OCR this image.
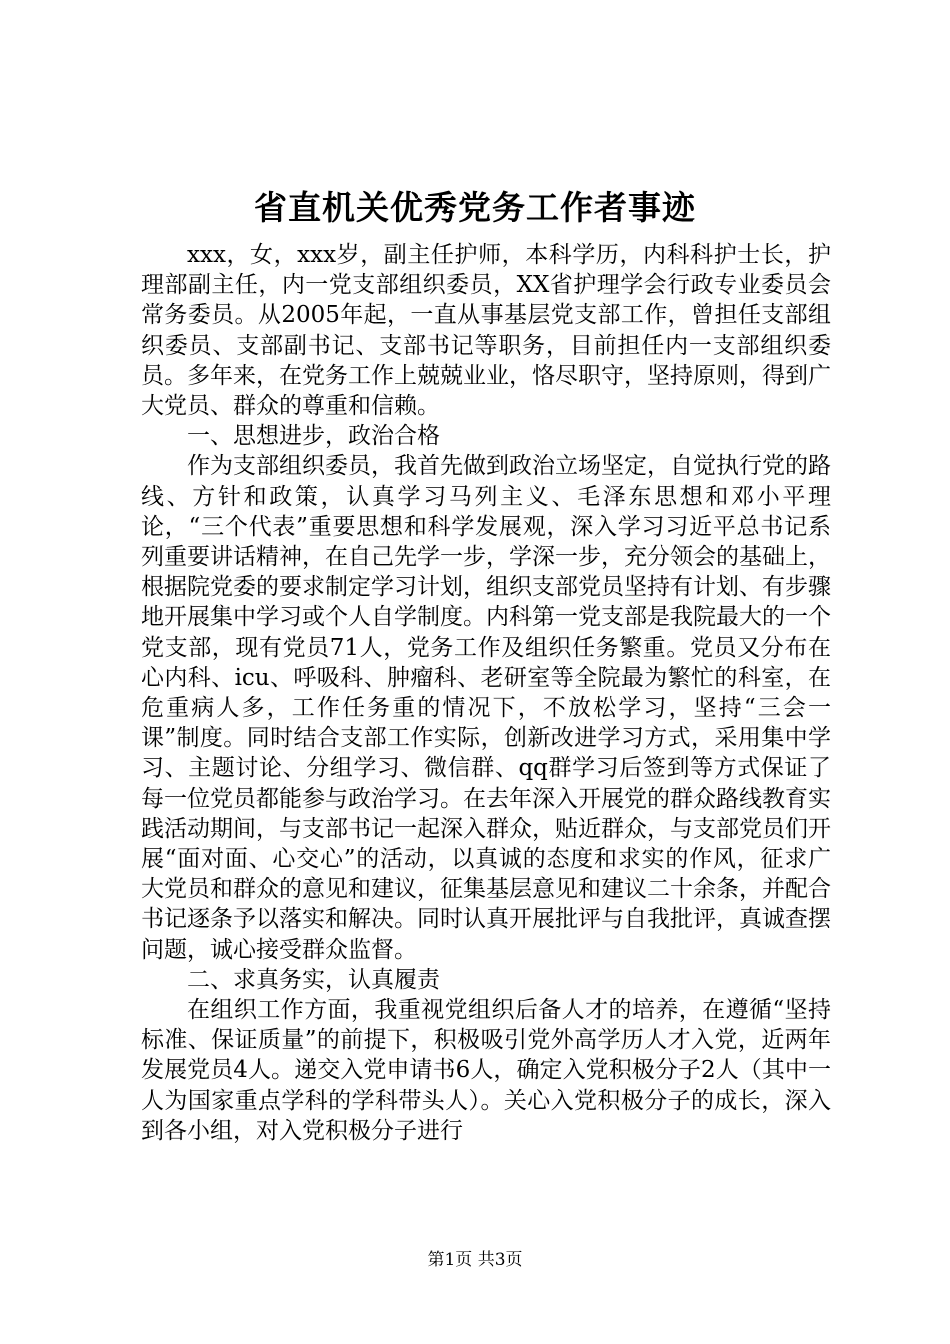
省直机关优秀党务工作者事迹

xxx，女，xxx岁，副主任护师，本科学历，内科科护士长，护理部副主任，内一党支部组织委员，XX省护理学会行政专业委员会常务委员。从2005年起，一直从事基层党支部工作，曾担任支部组织委员、支部副书记、支部书记等职务，目前担任内一支部组织委员。多年来，在党务工作上兢兢业业，恪尽职守，坚持原则，得到广大党员、群众的尊重和信赖。

一、思想进步，政治合格

作为支部组织委员，我首先做到政治立场坚定，自觉执行党的路线、方针和政策，认真学习马列主义、毛泽东思想和邓小平理论，“三个代表”重要思想和科学发展观，深入学习习近平总书记系列重要讲话精神，在自己先学一步，学深一步，充分领会的基础上，根据院党委的要求制定学习计划，组织支部党员坚持有计划、有步骤地开展集中学习或个人自学制度。内科第一党支部是我院最大的一个党支部，现有党员71人，党务工作及组织任务繁重。党员又分布在心内科、icu、呼吸科、肿瘤科、老研室等全院最为繁忙的科室，在危重病人多，工作任务重的情况下，不放松学习，坚持“三会一课”制度。同时结合支部工作实际，创新改进学习方式，采用集中学习、主题讨论、分组学习、微信群、qq群学习后签到等方式保证了每一位党员都能参与政治学习。在去年深入开展党的群众路线教育实践活动期间，与支部书记一起深入群众，贴近群众，与支部党员们开展“面对面、心交心”的活动，以真诚的态度和求实的作风，征求广大党员和群众的意见和建议，征集基层意见和建议二十余条，并配合书记逐条予以落实和解决。同时认真开展批评与自我批评，真诚查摆问题，诚心接受群众监督。

二、求真务实，认真履责

在组织工作方面，我重视党组织后备人才的培养，在遵循“坚持标准、保证质量”的前提下，积极吸引党外高学历人才入党，近两年发展党员4人。递交入党申请书6人，确定入党积极分子2人（其中一人为国家重点学科的学科带头人）。关心入党积极分子的成长，深入到各小组，对入党积极分子进行

第1页 共3页
